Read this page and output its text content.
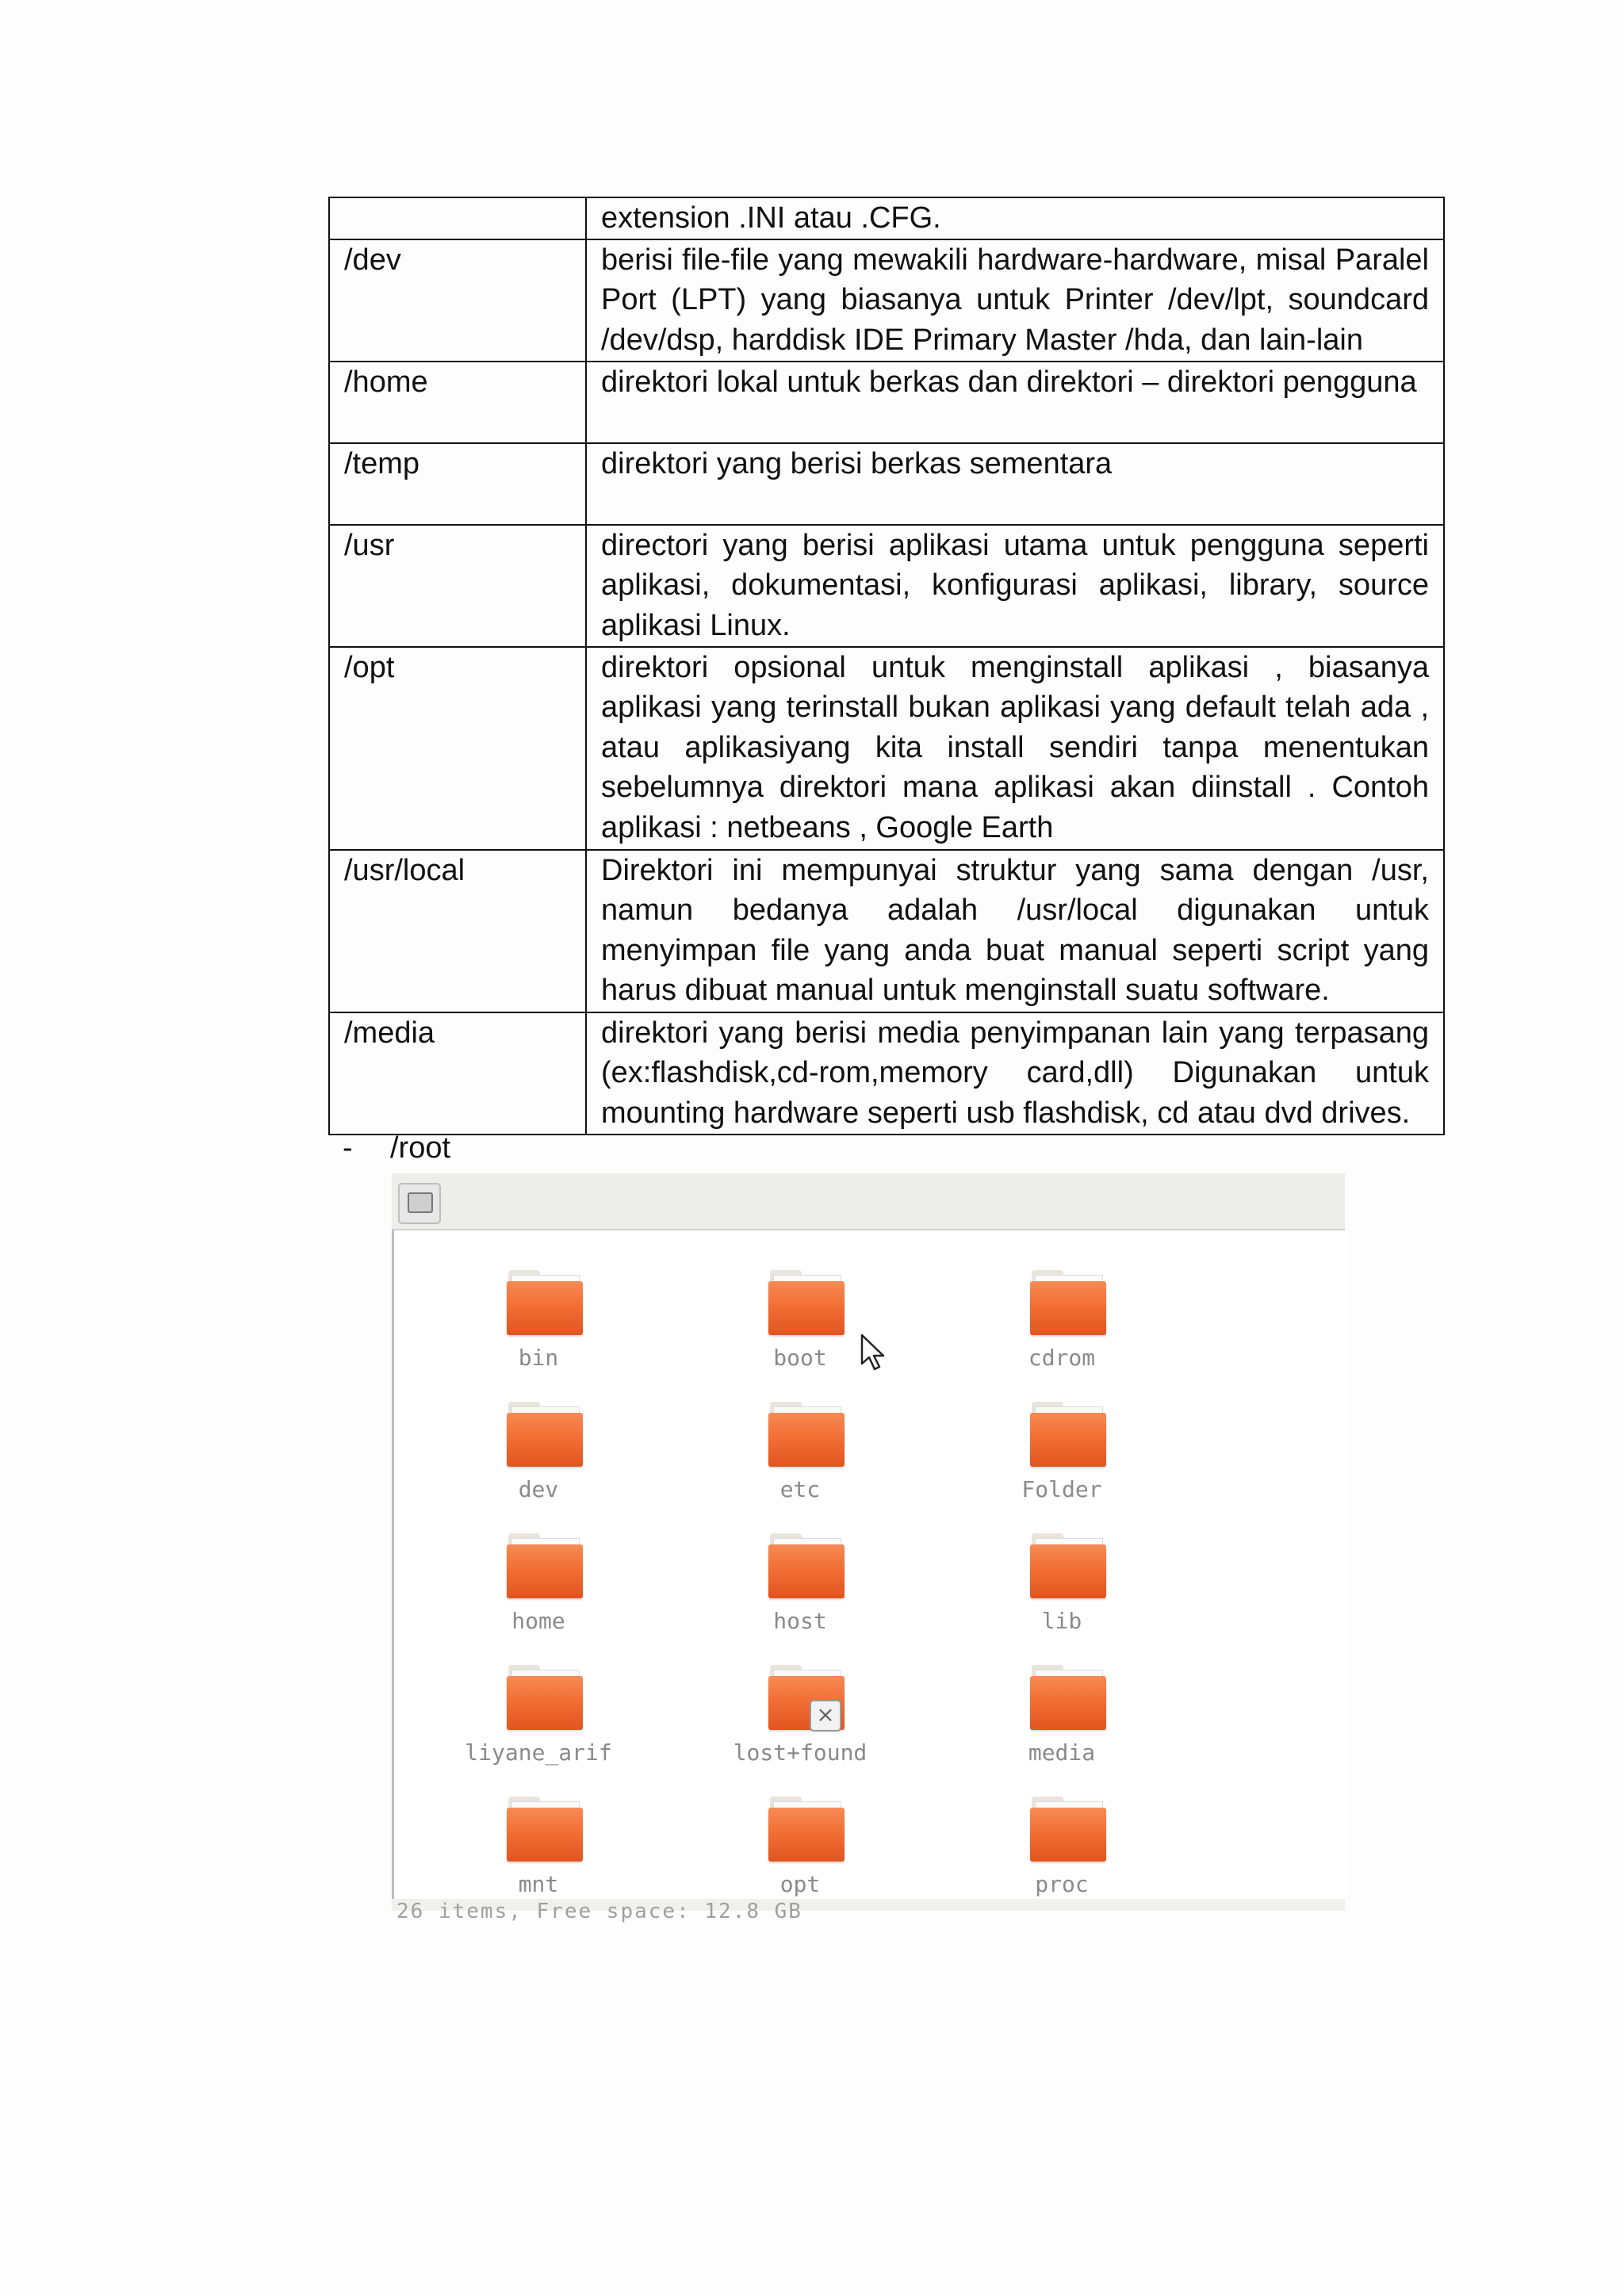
	extension .INI atau .CFG.
/dev	berisi file-file yang mewakili hardware-hardware, misal Paralel Port (LPT) yang biasanya untuk Printer /dev/lpt, soundcard /dev/dsp, harddisk IDE Primary Master /hda, dan lain-lain
/home	direktori lokal untuk berkas dan direktori – direktori pengguna
/temp	direktori yang berisi berkas sementara
/usr	directori yang berisi aplikasi utama untuk pengguna seperti aplikasi, dokumentasi, konfigurasi aplikasi, library, source aplikasi Linux.
/opt	direktori opsional untuk menginstall aplikasi , biasanya aplikasi yang terinstall bukan aplikasi yang default telah ada , atau aplikasiyang kita install sendiri tanpa menentukan sebelumnya direktori mana aplikasi akan diinstall . Contoh aplikasi : netbeans , Google Earth
/usr/local	Direktori ini mempunyai struktur yang sama dengan /usr, namun bedanya adalah /usr/local digunakan untuk menyimpan file yang anda buat manual seperti script yang harus dibuat manual untuk menginstall suatu software.
/media	direktori yang berisi media penyimpanan lain yang terpasang (ex:flashdisk,cd-rom,memory card,dll) Digunakan untuk mounting hardware seperti usb flashdisk, cd atau dvd drives.
- /root
bin	boot	cdrom
dev	etc	Folder
home	host	lib
liyane_arif
×
lost+found	media
mnt	opt	proc
26 items, Free space: 12.8 GB
